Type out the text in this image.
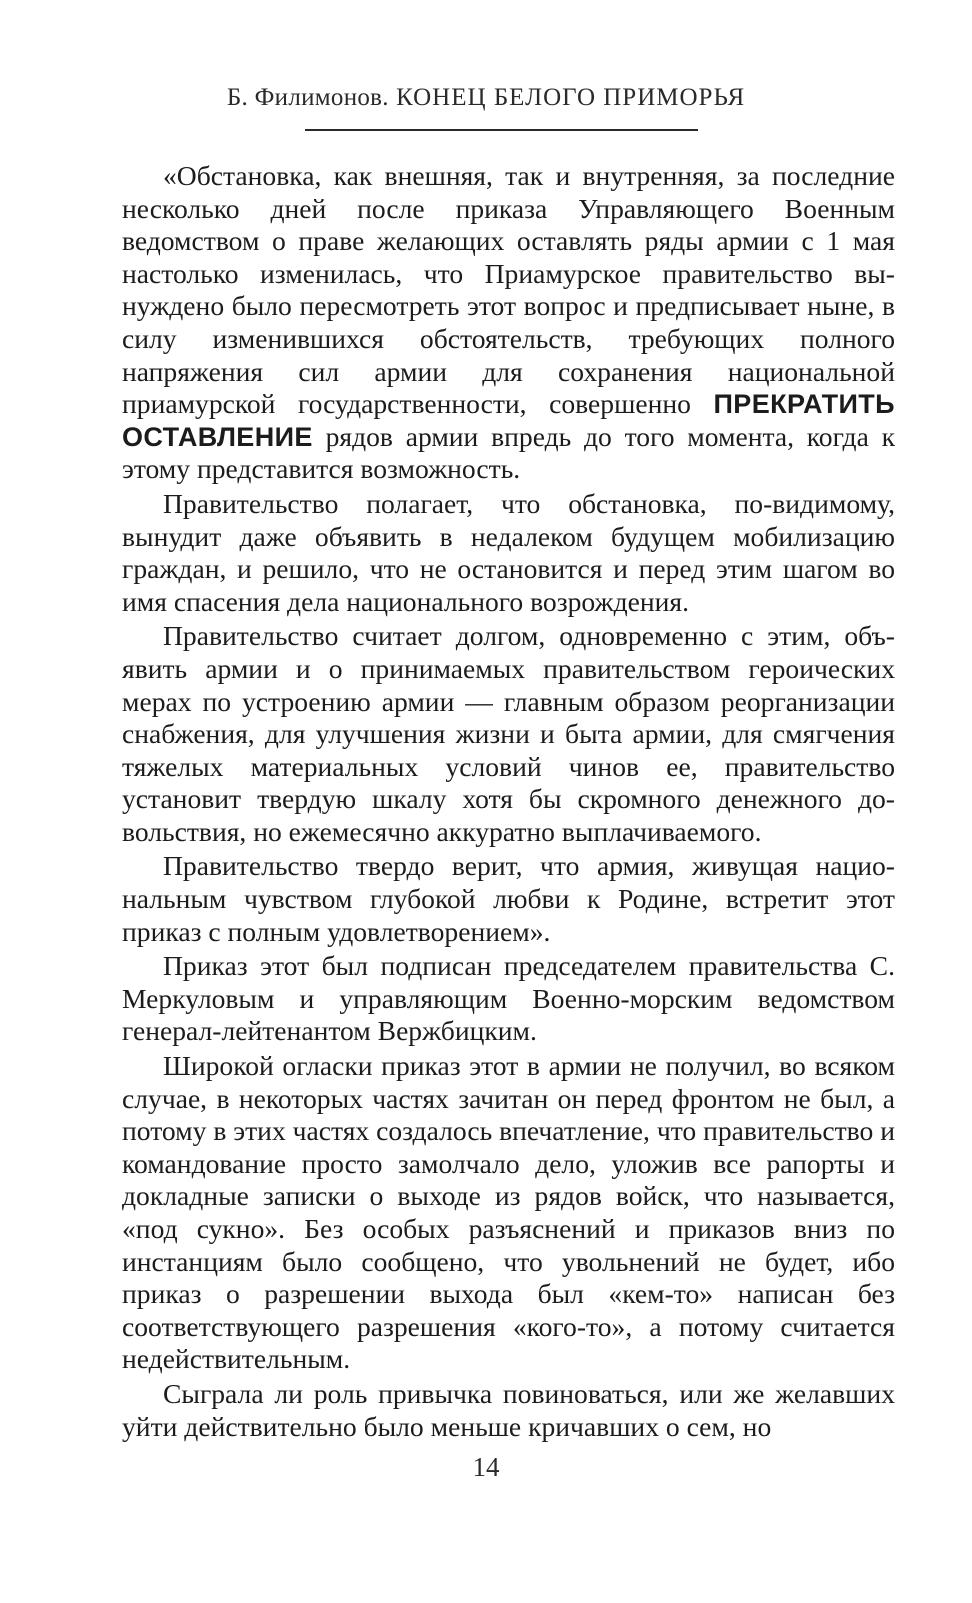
Б. Филимонов. КОНЕЦ БЕЛОГО ПРИМОРЬЯ

«Обстановка, как внешняя, так и внутренняя, за последние несколько дней после приказа Управляющего Военным ведомством о праве желающих оставлять ряды армии с 1 мая настолько изменилась, что Приамурское правительство вынуждено было пересмотреть этот вопрос и предписывает ныне, в силу изменившихся обстоятельств, требующих полного напряжения сил армии для сохранения национальной приамурской государственности, совершенно ПРЕКРАТИТЬ ОСТАВЛЕНИЕ рядов армии впредь до того момента, когда к этому представится возможность.

Правительство полагает, что обстановка, по-видимому, вынудит даже объявить в недалеком будущем мобилизацию граждан, и решило, что не остановится и перед этим шагом во имя спасения дела национального возрождения.

Правительство считает долгом, одновременно с этим, объявить армии и о принимаемых правительством героических мерах по устроению армии — главным образом реорганизации снабжения, для улучшения жизни и быта армии, для смягчения тяжелых материальных условий чинов ее, правительство установит твердую шкалу хотя бы скромного денежного довольствия, но ежемесячно аккуратно выплачиваемого.

Правительство твердо верит, что армия, живущая национальным чувством глубокой любви к Родине, встретит этот приказ с полным удовлетворением».

Приказ этот был подписан председателем правительства С. Меркуловым и управляющим Военно-морским ведомством генерал-лейтенантом Вержбицким.

Широкой огласки приказ этот в армии не получил, во всяком случае, в некоторых частях зачитан он перед фронтом не был, а потому в этих частях создалось впечатление, что правительство и командование просто замолчало дело, уложив все рапорты и докладные записки о выходе из рядов войск, что называется, «под сукно». Без особых разъяснений и приказов вниз по инстанциям было сообщено, что увольнений не будет, ибо приказ о разрешении выхода был «кем-то» написан без соответствующего разрешения «кого-то», а потому считается недействительным.

Сыграла ли роль привычка повиноваться, или же желавших уйти действительно было меньше кричавших о сем, но

14
